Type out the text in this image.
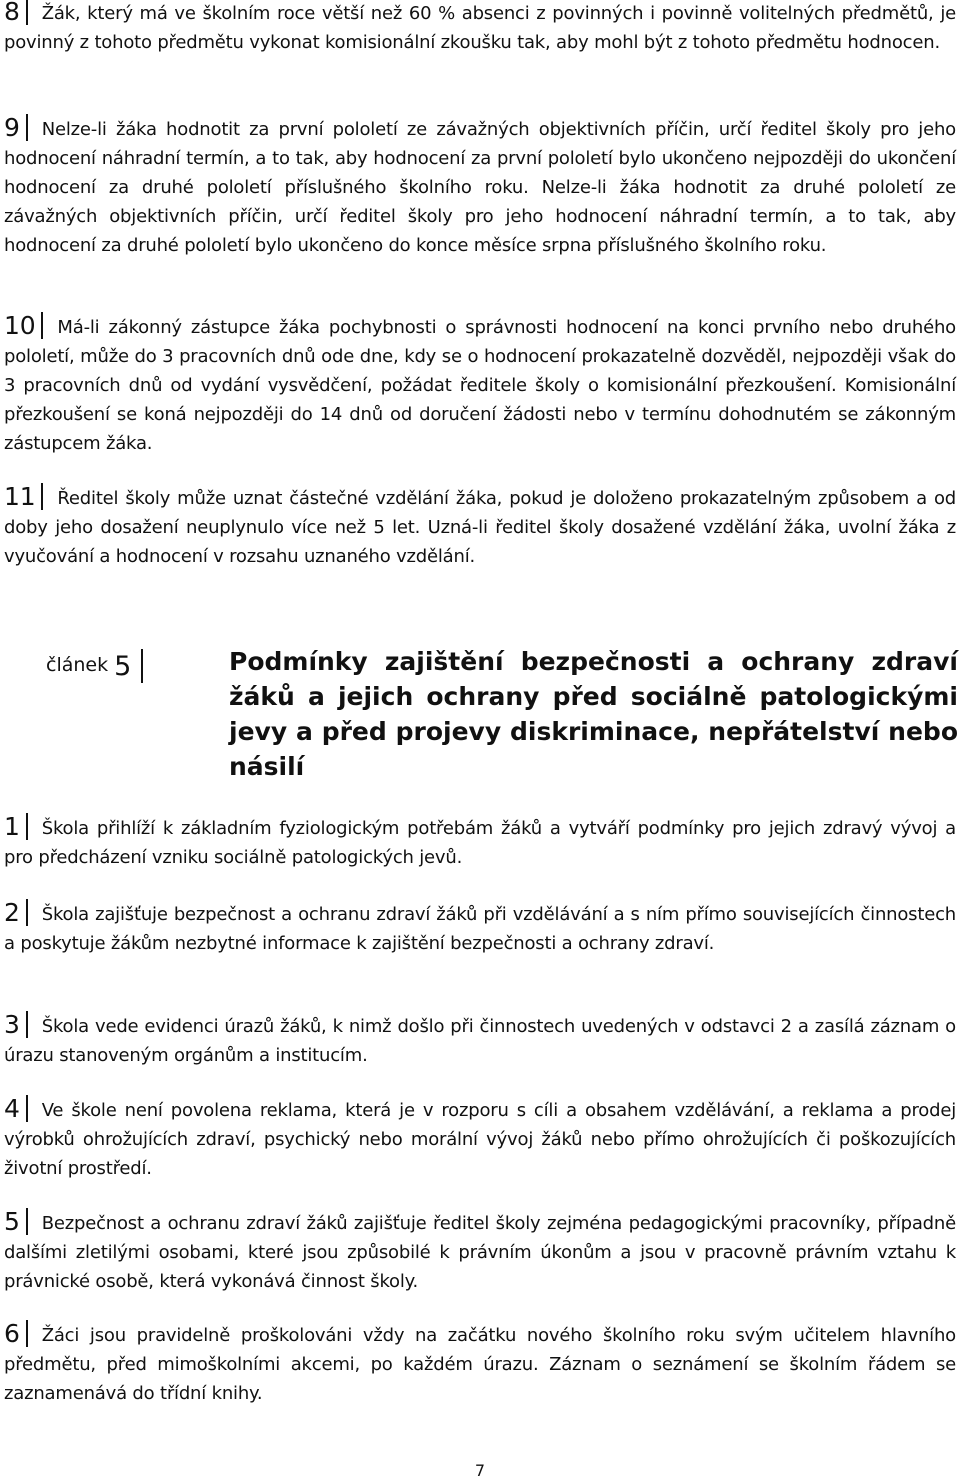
8 Žák, který má ve školním roce větší než 60 % absenci z povinných i povinně volitelných předmětů, je povinný z tohoto předmětu vykonat komisionální zkoušku tak, aby mohl být z tohoto předmětu hodnocen.
9 Nelze-li žáka hodnotit za první pololetí ze závažných objektivních příčin, určí ředitel školy pro jeho hodnocení náhradní termín, a to tak, aby hodnocení za první pololetí bylo ukončeno nejpozději do ukončení hodnocení za druhé pololetí příslušného školního roku. Nelze-li žáka hodnotit za druhé pololetí ze závažných objektivních příčin, určí ředitel školy pro jeho hodnocení náhradní termín, a to tak, aby hodnocení za druhé pololetí bylo ukončeno do konce měsíce srpna příslušného školního roku.
10 Má-li zákonný zástupce žáka pochybnosti o správnosti hodnocení na konci prvního nebo druhého pololetí, může do 3 pracovních dnů ode dne, kdy se o hodnocení prokazatelně dozvěděl, nejpozději však do 3 pracovních dnů od vydání vysvědčení, požádat ředitele školy o komisionální přezkoušení. Komisionální přezkoušení se koná nejpozději do 14 dnů od doručení žádosti nebo v termínu dohodnutém se zákonným zástupcem žáka.
11 Ředitel školy může uznat částečné vzdělání žáka, pokud je doloženo prokazatelným způsobem a od doby jeho dosažení neuplynulo více než 5 let. Uzná-li ředitel školy dosažené vzdělání žáka, uvolní žáka z vyučování a hodnocení v rozsahu uznaného vzdělání.
článek 5	Podmínky zajištění bezpečnosti a ochrany zdraví žáků a jejich ochrany před sociálně patologickými jevy a před projevy diskriminace, nepřátelství nebo násilí
1 Škola přihlíží k základním fyziologickým potřebám žáků a vytváří podmínky pro jejich zdravý vývoj a pro předcházení vzniku sociálně patologických jevů.
2 Škola zajišťuje bezpečnost a ochranu zdraví žáků při vzdělávání a s ním přímo souvisejících činnostech a poskytuje žákům nezbytné informace k zajištění bezpečnosti a ochrany zdraví.
3 Škola vede evidenci úrazů žáků, k nimž došlo při činnostech uvedených v odstavci 2 a zasílá záznam o úrazu stanoveným orgánům a institucím.
4 Ve škole není povolena reklama, která je v rozporu s cíli a obsahem vzdělávání, a reklama a prodej výrobků ohrožujících zdraví, psychický nebo morální vývoj žáků nebo přímo ohrožujících či poškozujících životní prostředí.
5 Bezpečnost a ochranu zdraví žáků zajišťuje ředitel školy zejména pedagogickými pracovníky, případně dalšími zletilými osobami, které jsou způsobilé k právním úkonům a jsou v pracovně právním vztahu k právnické osobě, která vykonává činnost školy.
6 Žáci jsou pravidelně proškolováni vždy na začátku nového školního roku svým učitelem hlavního předmětu, před mimoškolními akcemi, po každém úrazu. Záznam o seznámení se školním řádem se zaznamenává do třídní knihy.
7
